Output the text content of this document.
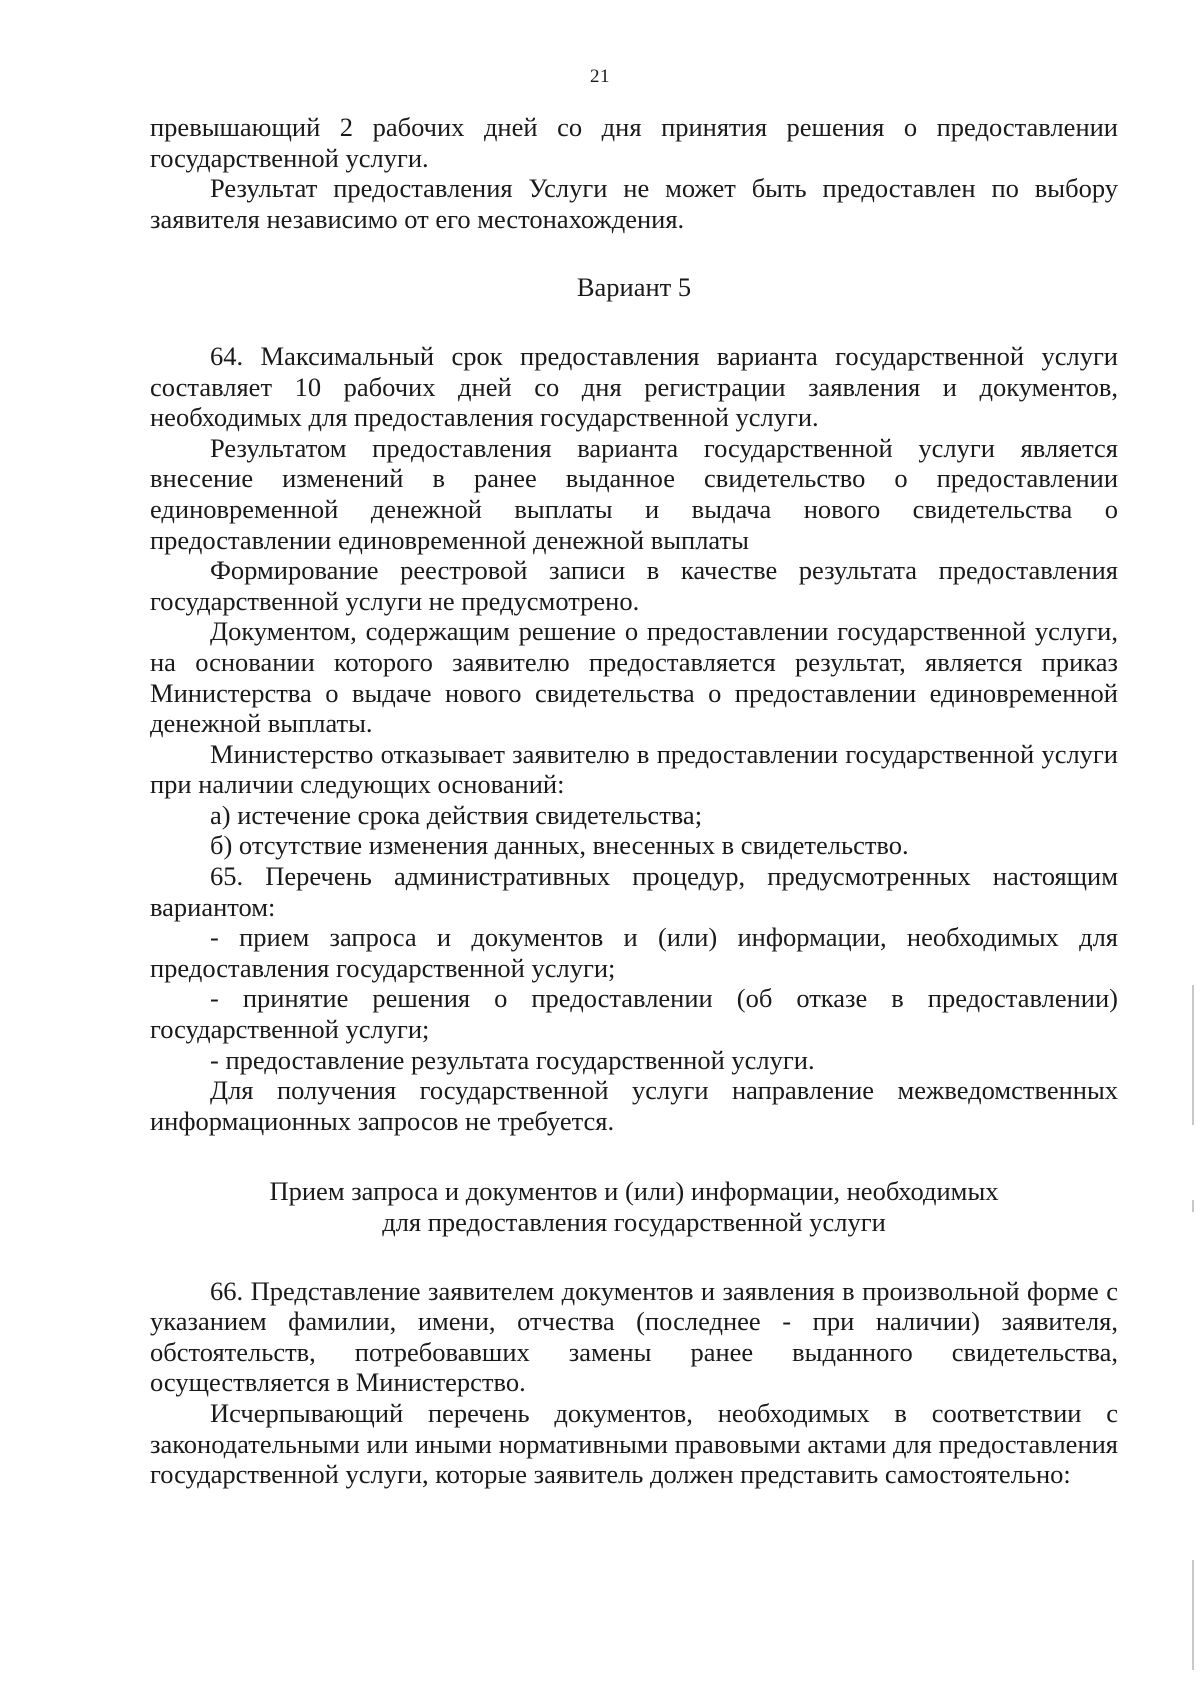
21

превышающий 2 рабочих дней со дня принятия решения о предоставлении государственной услуги.

Результат предоставления Услуги не может быть предоставлен по выбору заявителя независимо от его местонахождения.

Вариант 5

64. Максимальный срок предоставления варианта государственной услуги составляет 10 рабочих дней со дня регистрации заявления и документов, необходимых для предоставления государственной услуги.

Результатом предоставления варианта государственной услуги является внесение изменений в ранее выданное свидетельство о предоставлении единовременной денежной выплаты и выдача нового свидетельства о предоставлении единовременной денежной выплаты

Формирование реестровой записи в качестве результата предоставления государственной услуги не предусмотрено.

Документом, содержащим решение о предоставлении государственной услуги, на основании которого заявителю предоставляется результат, является приказ Министерства о выдаче нового свидетельства о предоставлении единовременной денежной выплаты.

Министерство отказывает заявителю в предоставлении государственной услуги при наличии следующих оснований:

а) истечение срока действия свидетельства;

б) отсутствие изменения данных, внесенных в свидетельство.

65. Перечень административных процедур, предусмотренных настоящим вариантом:

- прием запроса и документов и (или) информации, необходимых для предоставления государственной услуги;

- принятие решения о предоставлении (об отказе в предоставлении) государственной услуги;

- предоставление результата государственной услуги.

Для получения государственной услуги направление межведомственных информационных запросов не требуется.

Прием запроса и документов и (или) информации, необходимых
для предоставления государственной услуги

66. Представление заявителем документов и заявления в произвольной форме с указанием фамилии, имени, отчества (последнее - при наличии) заявителя, обстоятельств, потребовавших замены ранее выданного свидетельства, осуществляется в Министерство.

Исчерпывающий перечень документов, необходимых в соответствии с законодательными или иными нормативными правовыми актами для предоставления государственной услуги, которые заявитель должен представить самостоятельно:
